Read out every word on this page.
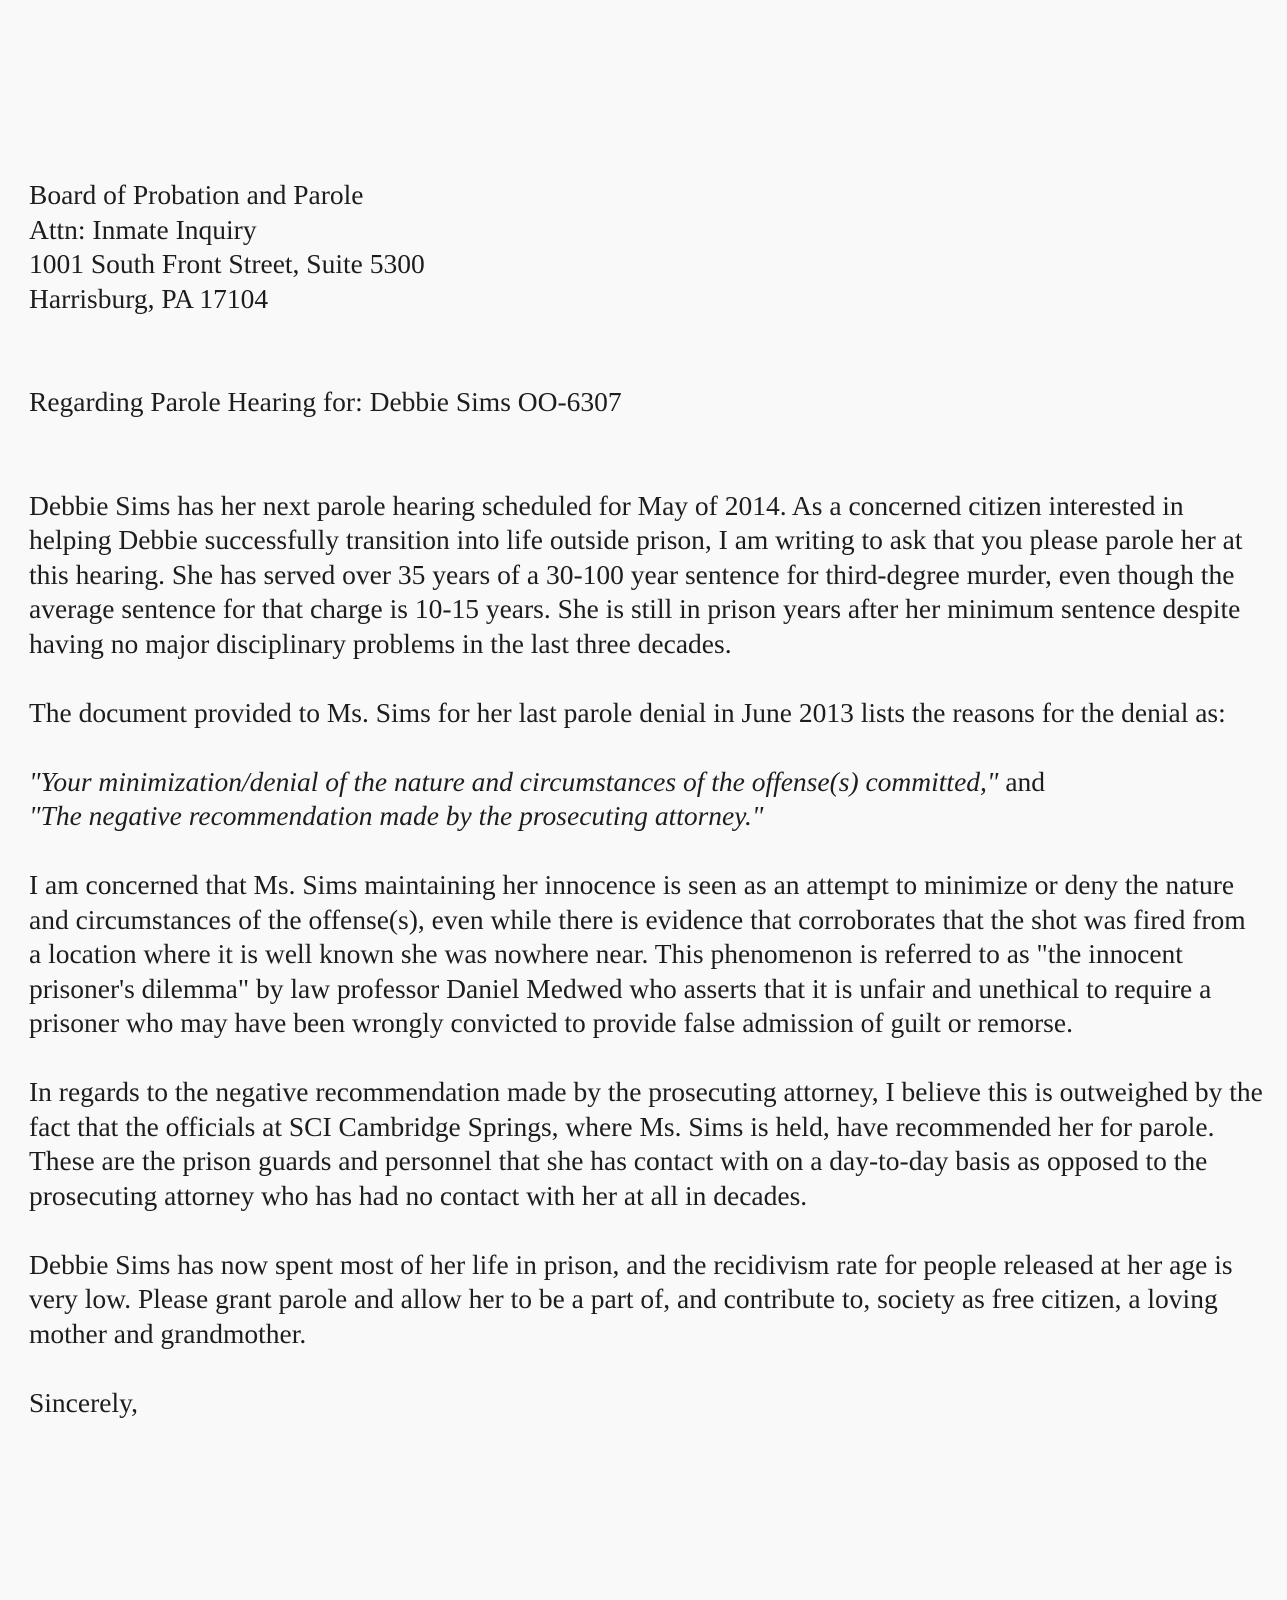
Board of Probation and Parole
Attn: Inmate Inquiry
1001 South Front Street, Suite 5300
Harrisburg, PA 17104
Regarding Parole Hearing for: Debbie Sims OO-6307

Debbie Sims has her next parole hearing scheduled for May of 2014. As a concerned citizen interested in helping Debbie successfully transition into life outside prison, I am writing to ask that you please parole her at this hearing. She has served over 35 years of a 30-100 year sentence for third-degree murder, even though the average sentence for that charge is 10-15 years. She is still in prison years after her minimum sentence despite having no major disciplinary problems in the last three decades.

The document provided to Ms. Sims for her last parole denial in June 2013 lists the reasons for the denial as:

"Your minimization/denial of the nature and circumstances of the offense(s) committed," and
"The negative recommendation made by the prosecuting attorney."

I am concerned that Ms. Sims maintaining her innocence is seen as an attempt to minimize or deny the nature and circumstances of the offense(s), even while there is evidence that corroborates that the shot was fired from a location where it is well known she was nowhere near. This phenomenon is referred to as "the innocent prisoner's dilemma" by law professor Daniel Medwed who asserts that it is unfair and unethical to require a prisoner who may have been wrongly convicted to provide false admission of guilt or remorse.

In regards to the negative recommendation made by the prosecuting attorney, I believe this is outweighed by the fact that the officials at SCI Cambridge Springs, where Ms. Sims is held, have recommended her for parole. These are the prison guards and personnel that she has contact with on a day-to-day basis as opposed to the prosecuting attorney who has had no contact with her at all in decades.

Debbie Sims has now spent most of her life in prison, and the recidivism rate for people released at her age is very low. Please grant parole and allow her to be a part of, and contribute to, society as free citizen, a loving mother and grandmother.

Sincerely,
